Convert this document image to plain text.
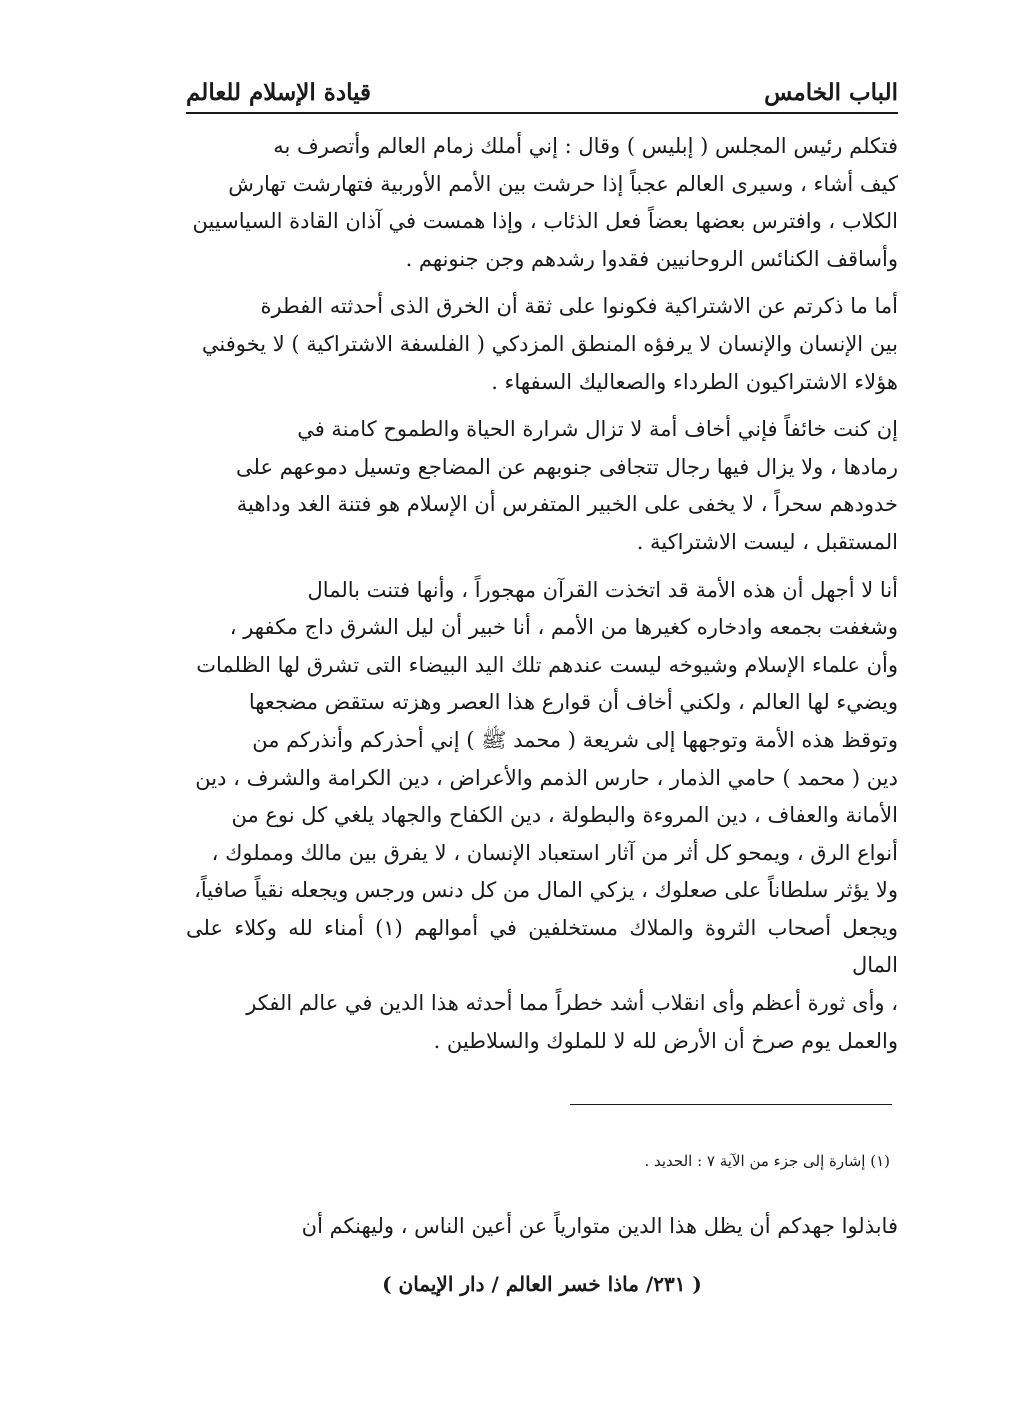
الباب الخامس
قيادة الإسلام للعالم

فتكلم رئيس المجلس ( إبليس ) وقال : إني أملك زمام العالم وأتصرف به
كيف أشاء ، وسيرى العالم عجباً إذا حرشت بين الأمم الأوربية فتهارشت تهارش
الكلاب ، وافترس بعضها بعضاً فعل الذئاب ، وإذا همست في آذان القادة السياسيين
وأساقف الكنائس الروحانيين فقدوا رشدهم وجن جنونهم .

أما ما ذكرتم عن الاشتراكية فكونوا على ثقة أن الخرق الذى أحدثته الفطرة
بين الإنسان والإنسان لا يرفؤه المنطق المزدكي ( الفلسفة الاشتراكية ) لا يخوفني
هؤلاء الاشتراكيون الطرداء والصعاليك السفهاء .

إن كنت خائفاً فإني أخاف أمة لا تزال شرارة الحياة والطموح كامنة في
رمادها ، ولا يزال فيها رجال تتجافى جنوبهم عن المضاجع وتسيل دموعهم على
خدودهم سحراً ، لا يخفى على الخبير المتفرس أن الإسلام هو فتنة الغد وداهية
المستقبل ، ليست الاشتراكية .

أنا لا أجهل أن هذه الأمة قد اتخذت القرآن مهجوراً ، وأنها فتنت بالمال
وشغفت بجمعه وادخاره كغيرها من الأمم ، أنا خبير أن ليل الشرق داج مكفهر ،
وأن علماء الإسلام وشيوخه ليست عندهم تلك اليد البيضاء التى تشرق لها الظلمات
ويضيء لها العالم ، ولكني أخاف أن قوارع هذا العصر وهزته ستقض مضجعها
وتوقظ هذه الأمة وتوجهها إلى شريعة ( محمد ﷺ ) إني أحذركم وأنذركم من
دين ( محمد ) حامي الذمار ، حارس الذمم والأعراض ، دين الكرامة والشرف ، دين
الأمانة والعفاف ، دين المروءة والبطولة ، دين الكفاح والجهاد يلغي كل نوع من
أنواع الرق ، ويمحو كل أثر من آثار استعباد الإنسان ، لا يفرق بين مالك ومملوك ،
ولا يؤثر سلطاناً على صعلوك ، يزكي المال من كل دنس ورجس ويجعله نقياً صافياً،
ويجعل أصحاب الثروة والملاك مستخلفين في أموالهم (١) أمناء لله وكلاء على المال
، وأى ثورة أعظم وأى انقلاب أشد خطراً مما أحدثه هذا الدين في عالم الفكر
والعمل يوم صرخ أن الأرض لله لا للملوك والسلاطين .

(١) إشارة إلى جزء من الآية ٧ : الحديد .
فابذلوا جهدكم أن يظل هذا الدين متوارياً عن أعين الناس ، وليهنكم أن
( ٢٣١/ ماذا خسر العالم / دار الإيمان )
